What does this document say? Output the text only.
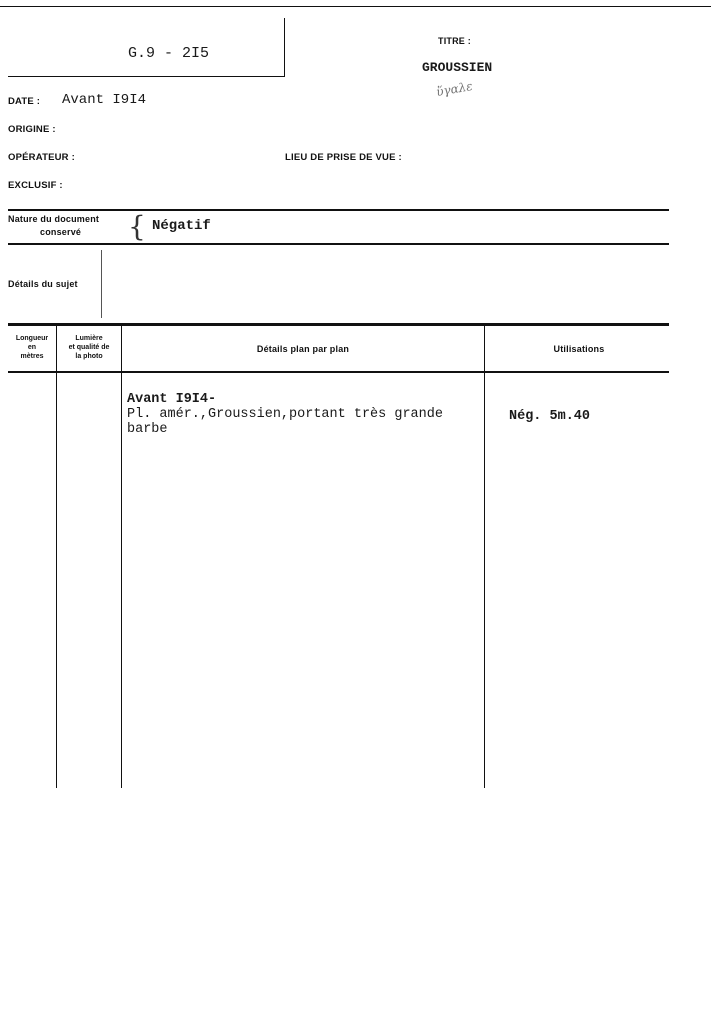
G.9 - 2I5
TITRE :
GROUSSIEN
ὕγαλε
DATE : Avant I9I4
ORIGINE :
OPÉRATEUR :	LIEU DE PRISE DE VUE :
EXCLUSIF :
Nature du document
conservé { Négatif
Détails du sujet
Longueur
en
mètres
Lumière
et qualité de
la photo
Détails plan par plan	Utilisations
Avant I9I4-
Pl. amér.,Groussien,portant très grande
barbe
Nég. 5m.40
